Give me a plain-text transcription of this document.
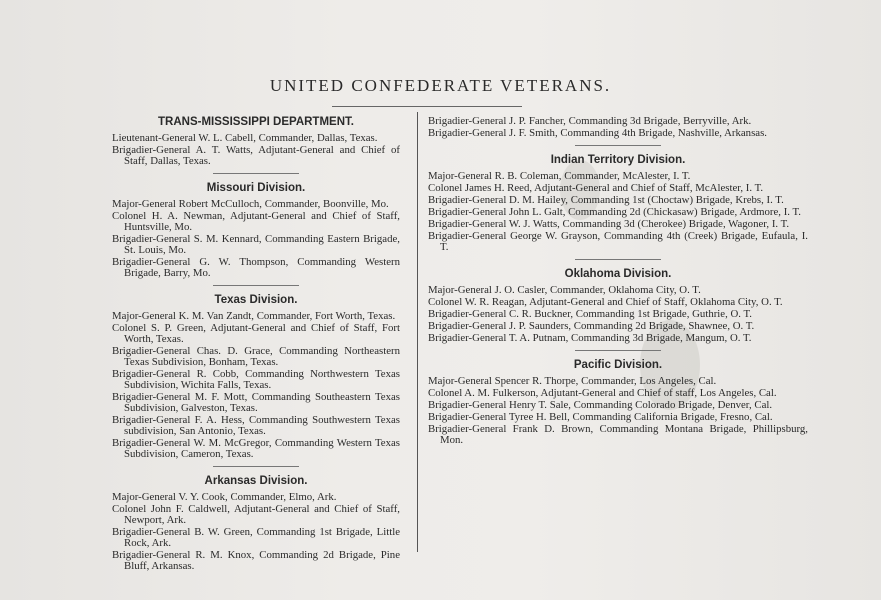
UNITED CONFEDERATE VETERANS.
TRANS-MISSISSIPPI DEPARTMENT.
Lieutenant-General W. L. Cabell, Commander, Dallas, Texas.
Brigadier-General A. T. Watts, Adjutant-General and Chief of Staff, Dallas, Texas.
Missouri Division.
Major-General Robert McCulloch, Commander, Boonville, Mo.
Colonel H. A. Newman, Adjutant-General and Chief of Staff, Huntsville, Mo.
Brigadier-General S. M. Kennard, Commanding Eastern Brigade, St. Louis, Mo.
Brigadier-General G. W. Thompson, Commanding Western Brigade, Barry, Mo.
Texas Division.
Major-General K. M. Van Zandt, Commander, Fort Worth, Texas.
Colonel S. P. Green, Adjutant-General and Chief of Staff, Fort Worth, Texas.
Brigadier-General Chas. D. Grace, Commanding Northeastern Texas Subdivision, Bonham, Texas.
Brigadier-General R. Cobb, Commanding Northwestern Texas Subdivision, Wichita Falls, Texas.
Brigadier-General M. F. Mott, Commanding Southeastern Texas Subdivision, Galveston, Texas.
Brigadier-General F. A. Hess, Commanding Southwestern Texas subdivision, San Antonio, Texas.
Brigadier-General W. M. McGregor, Commanding Western Texas Subdivision, Cameron, Texas.
Arkansas Division.
Major-General V. Y. Cook, Commander, Elmo, Ark.
Colonel John F. Caldwell, Adjutant-General and Chief of Staff, Newport, Ark.
Brigadier-General B. W. Green, Commanding 1st Brigade, Little Rock, Ark.
Brigadier-General R. M. Knox, Commanding 2d Brigade, Pine Bluff, Arkansas.
Brigadier-General J. P. Fancher, Commanding 3d Brigade, Berryville, Ark.
Brigadier-General J. F. Smith, Commanding 4th Brigade, Nashville, Arkansas.
Indian Territory Division.
Major-General R. B. Coleman, Commander, McAlester, I. T.
Colonel James H. Reed, Adjutant-General and Chief of Staff, McAlester, I. T.
Brigadier-General D. M. Hailey, Commanding 1st (Choctaw) Brigade, Krebs, I. T.
Brigadier-General John L. Galt, Commanding 2d (Chickasaw) Brigade, Ardmore, I. T.
Brigadier-General W. J. Watts, Commanding 3d (Cherokee) Brigade, Wagoner, I. T.
Brigadier-General George W. Grayson, Commanding 4th (Creek) Brigade, Eufaula, I. T.
Oklahoma Division.
Major-General J. O. Casler, Commander, Oklahoma City, O. T.
Colonel W. R. Reagan, Adjutant-General and Chief of Staff, Oklahoma City, O. T.
Brigadier-General C. R. Buckner, Commanding 1st Brigade, Guthrie, O. T.
Brigadier-General J. P. Saunders, Commanding 2d Brigade, Shawnee, O. T.
Brigadier-General T. A. Putnam, Commanding 3d Brigade, Mangum, O. T.
Pacific Division.
Major-General Spencer R. Thorpe, Commander, Los Angeles, Cal.
Colonel A. M. Fulkerson, Adjutant-General and Chief of staff, Los Angeles, Cal.
Brigadier-General Henry T. Sale, Commanding Colorado Brigade, Denver, Cal.
Brigadier-General Tyree H. Bell, Commanding California Brigade, Fresno, Cal.
Brigadier-General Frank D. Brown, Commanding Montana Brigade, Phillipsburg, Mon.
